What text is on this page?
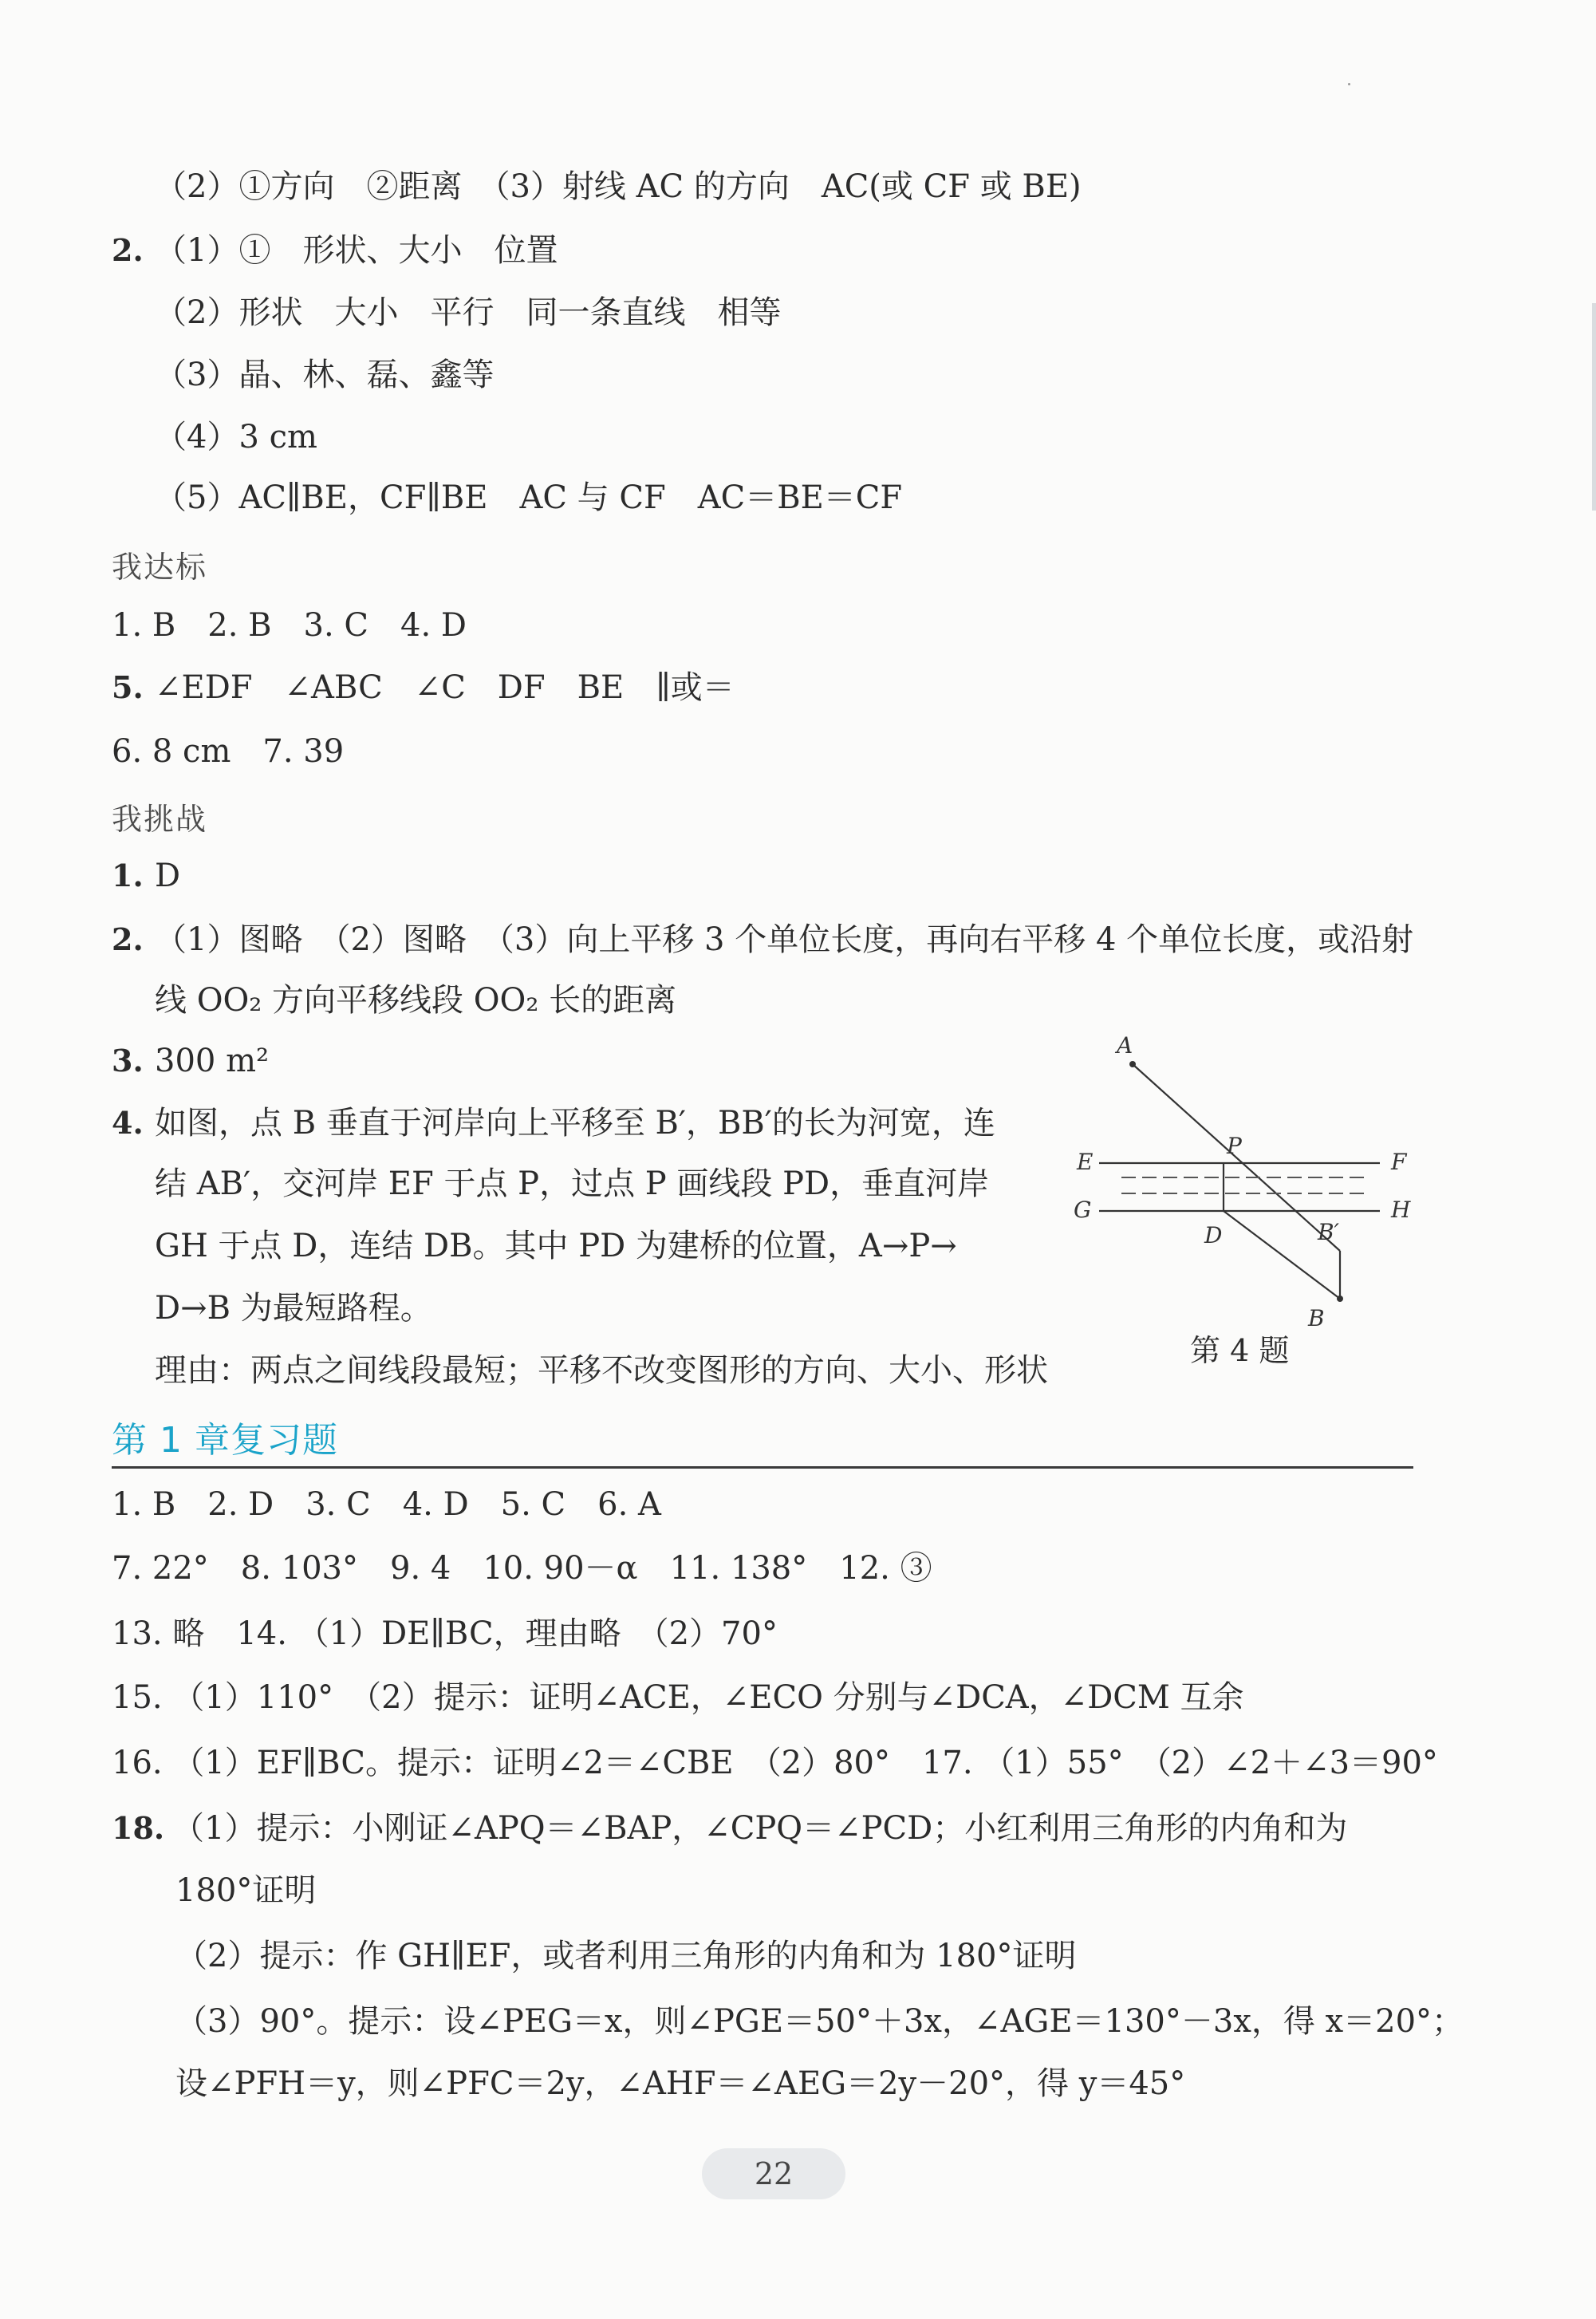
（2）①方向　②距离　（3）射线 AC 的方向　AC(或 CF 或 BE)
2. （1）①　形状、大小　位置
（2）形状　大小　平行　同一条直线　相等
（3）晶、林、磊、鑫等
（4）3 cm
（5）AC∥BE，CF∥BE　AC 与 CF　AC＝BE＝CF
我达标
1. B　2. B　3. C　4. D
5. ∠EDF　∠ABC　∠C　DF　BE　∥或＝
6. 8 cm　7. 39
我挑战
1. D
2. （1）图略　（2）图略　（3）向上平移 3 个单位长度，再向右平移 4 个单位长度，或沿射
线 OO₂ 方向平移线段 OO₂ 长的距离
3. 300 m²
4. 如图，点 B 垂直于河岸向上平移至 B′，BB′的长为河宽，连
结 AB′，交河岸 EF 于点 P，过点 P 画线段 PD，垂直河岸
GH 于点 D，连结 DB。其中 PD 为建桥的位置，A→P→
D→B 为最短路程。
理由：两点之间线段最短；平移不改变图形的方向、大小、形状
A
P
E	F
G	H
D	B′
B
第 4 题
第 1 章复习题
1. B　2. D　3. C　4. D　5. C　6. A
7. 22°　8. 103°　9. 4　10. 90－α　11. 138°　12. ③
13. 略　14. （1）DE∥BC，理由略　（2）70°
15. （1）110°　（2）提示：证明∠ACE，∠ECO 分别与∠DCA，∠DCM 互余
16. （1）EF∥BC。提示：证明∠2＝∠CBE　（2）80°　17. （1）55°　（2）∠2＋∠3＝90°
18. （1）提示：小刚证∠APQ＝∠BAP，∠CPQ＝∠PCD；小红利用三角形的内角和为
180°证明
（2）提示：作 GH∥EF，或者利用三角形的内角和为 180°证明
（3）90°。提示：设∠PEG＝x，则∠PGE＝50°＋3x，∠AGE＝130°－3x，得 x＝20°；
设∠PFH＝y，则∠PFC＝2y，∠AHF＝∠AEG＝2y－20°，得 y＝45°
22
